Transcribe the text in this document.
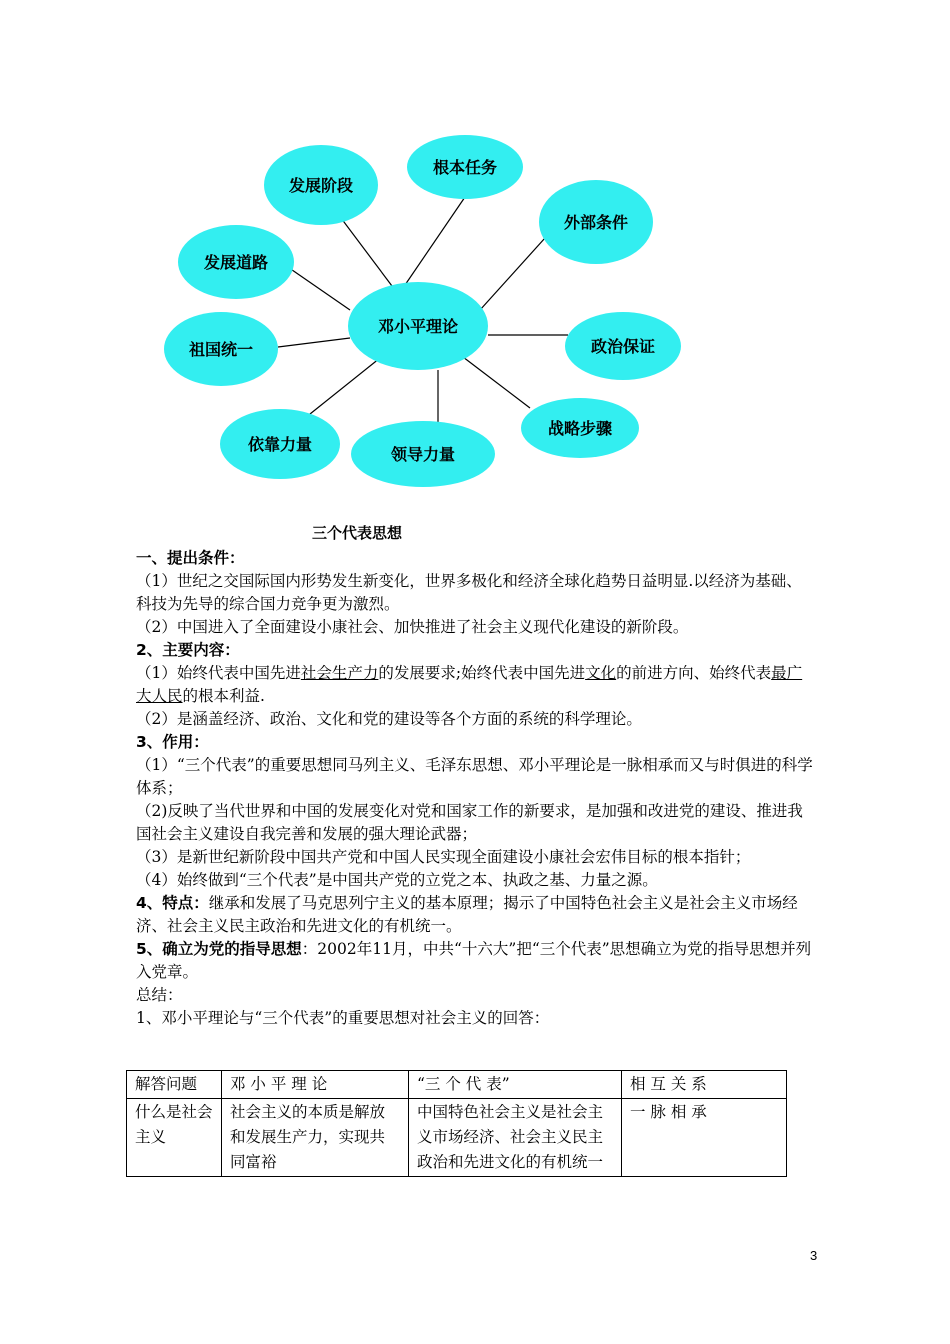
发展阶段
根本任务
外部条件
发展道路
邓小平理论
政治保证
祖国统一
战略步骤
依靠力量
领导力量

三个代表思想

一、提出条件：

（1）世纪之交国际国内形势发生新变化，世界多极化和经济全球化趋势日益明显.以经济为基础、科技为先导的综合国力竞争更为激烈。

（2）中国进入了全面建设小康社会、加快推进了社会主义现代化建设的新阶段。

2、主要内容：

（1）始终代表中国先进社会生产力的发展要求;始终代表中国先进文化的前进方向、始终代表最广大人民的根本利益.

（2）是涵盖经济、政治、文化和党的建设等各个方面的系统的科学理论。

3、作用：

（1）“三个代表”的重要思想同马列主义、毛泽东思想、邓小平理论是一脉相承而又与时俱进的科学体系；

（2)反映了当代世界和中国的发展变化对党和国家工作的新要求，是加强和改进党的建设、推进我国社会主义建设自我完善和发展的强大理论武器；

（3）是新世纪新阶段中国共产党和中国人民实现全面建设小康社会宏伟目标的根本指针；

（4）始终做到“三个代表”是中国共产党的立党之本、执政之基、力量之源。

4、特点：继承和发展了马克思列宁主义的基本原理；揭示了中国特色社会主义是社会主义市场经济、社会主义民主政治和先进文化的有机统一。

5、确立为党的指导思想：2002年11月，中共“十六大”把“三个代表”思想确立为党的指导思想并列入党章。

总结：

1、邓小平理论与“三个代表”的重要思想对社会主义的回答：

解答问题	邓 小 平 理 论	“三 个 代 表”	相 互 关 系
什么是社会主义	社会主义的本质是解放和发展生产力，实现共同富裕	中国特色社会主义是社会主义市场经济、社会主义民主政治和先进文化的有机统一	一 脉 相 承
3
